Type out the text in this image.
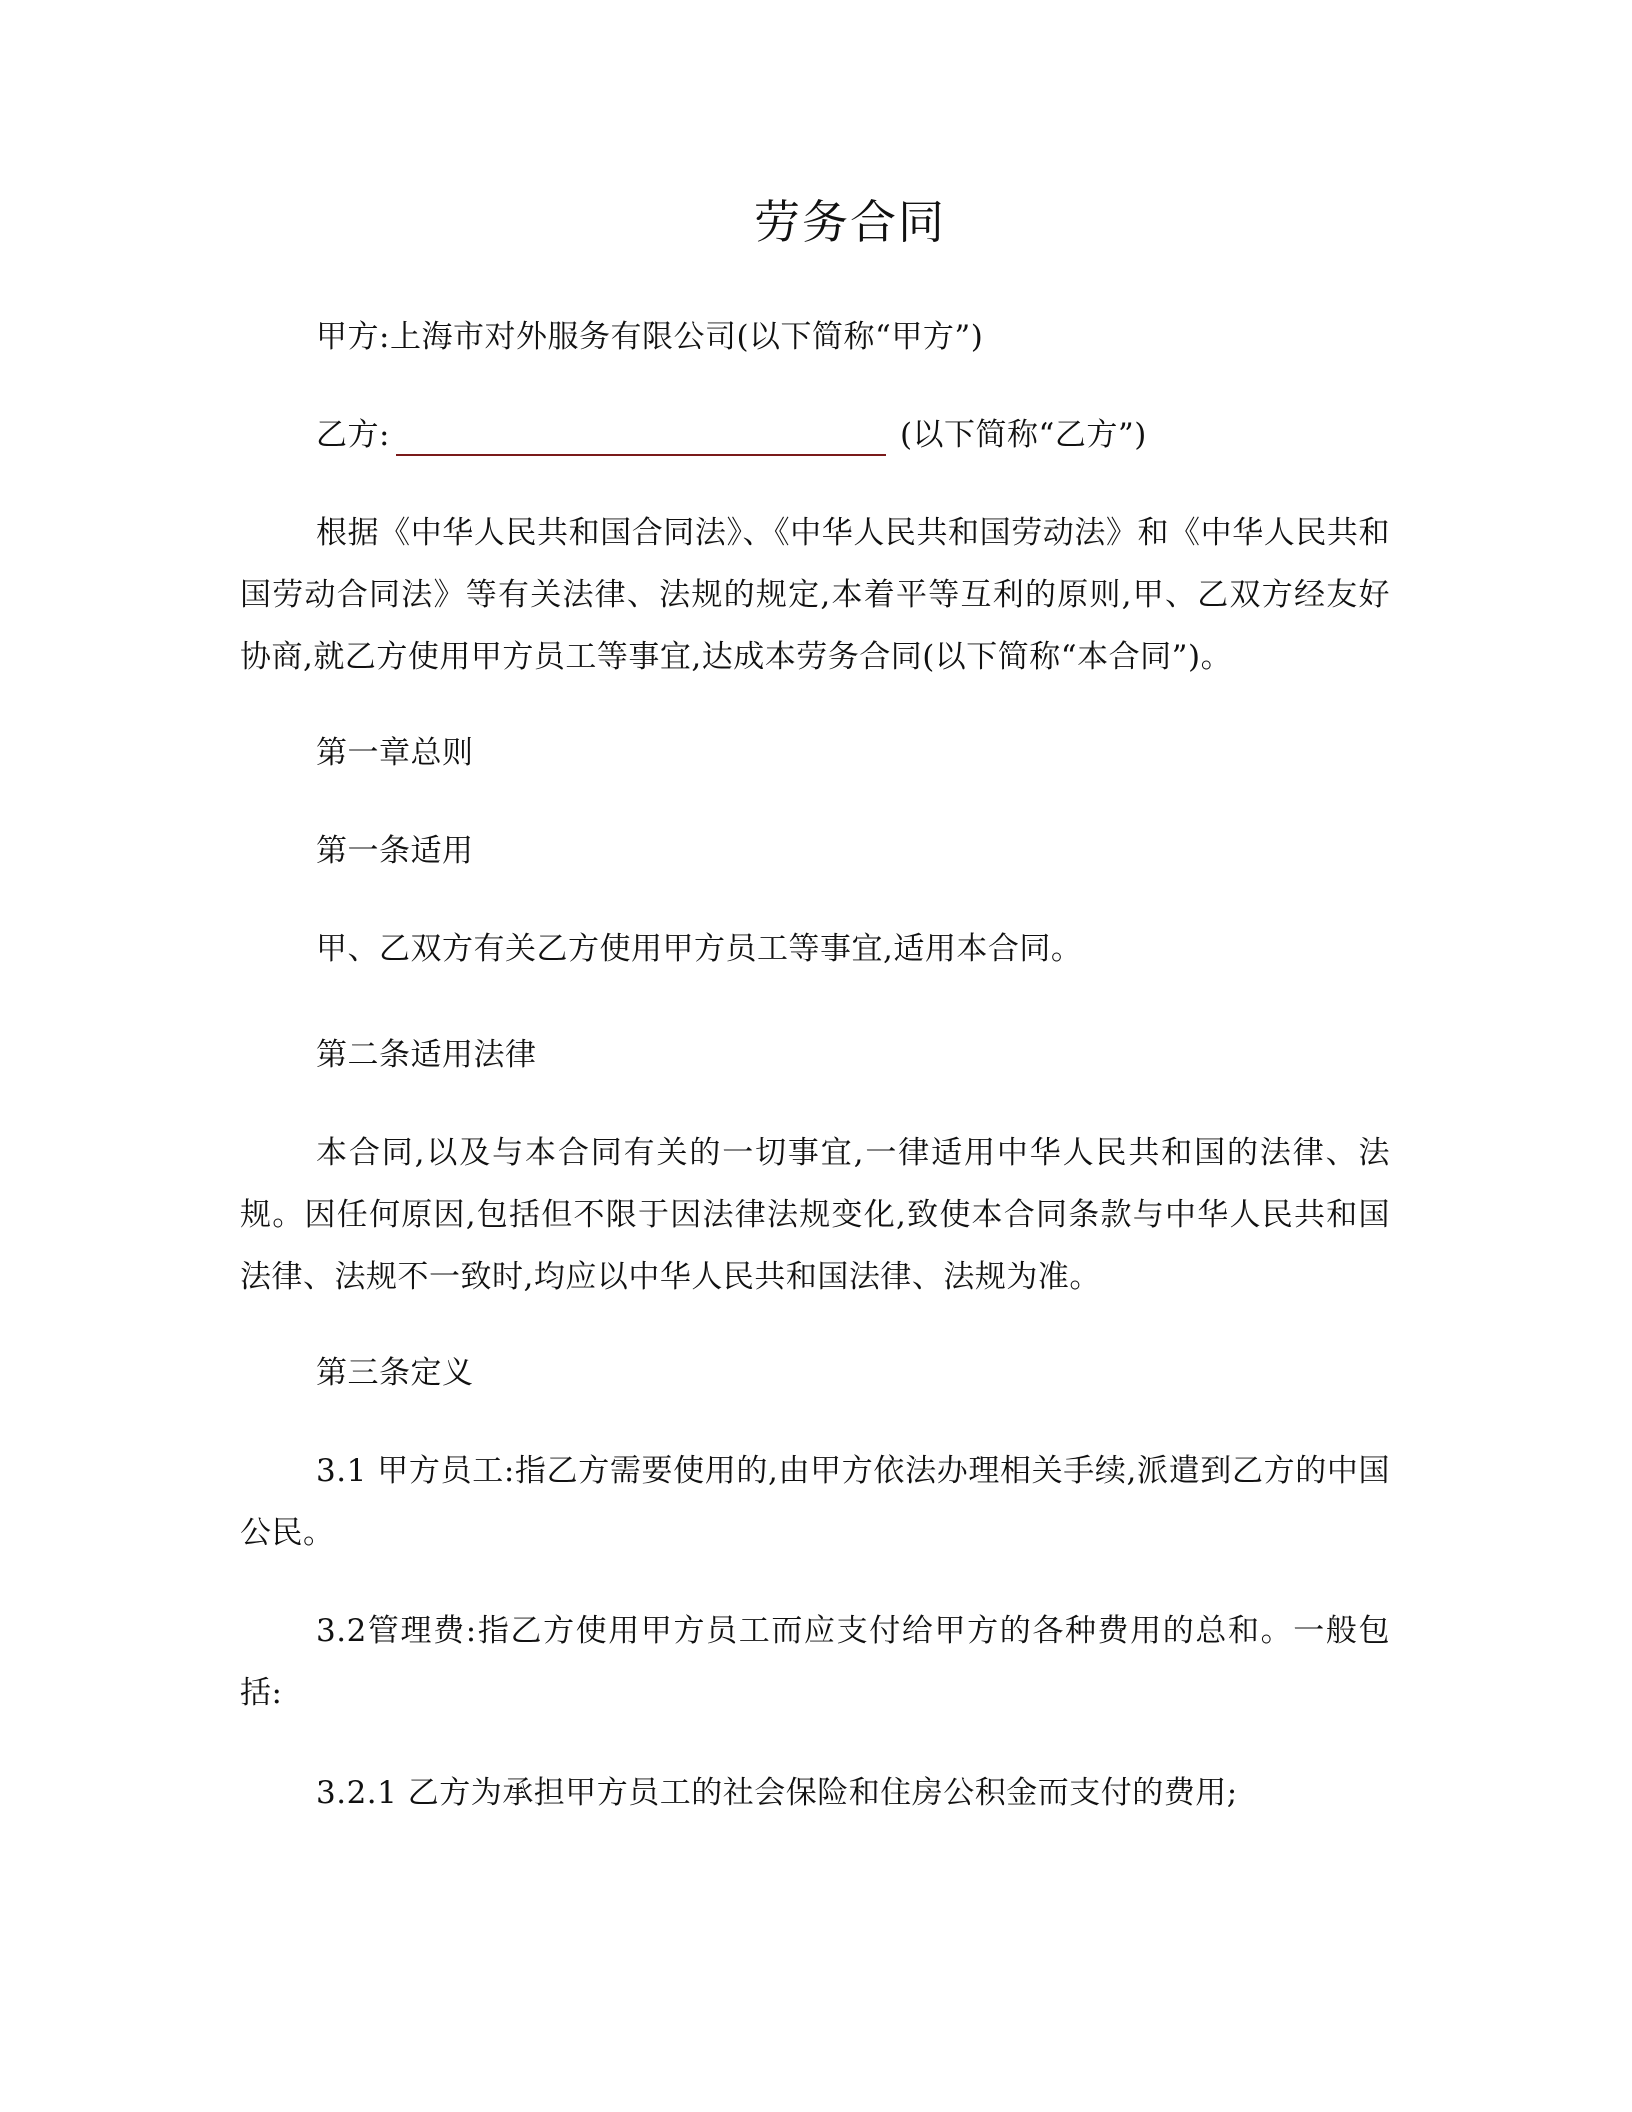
劳务合同
甲方:上海市对外服务有限公司(以下简称“甲方”)
乙方:	(以下简称“乙方”)
根据《中华人民共和国合同法》、《中华人民共和国劳动法》和《中华人民共和国劳动合同法》等有关法律、法规的规定,本着平等互利的原则,甲、乙双方经友好协商,就乙方使用甲方员工等事宜,达成本劳务合同(以下简称“本合同”)。
第一章总则
第一条适用
甲、乙双方有关乙方使用甲方员工等事宜,适用本合同。
第二条适用法律
本合同,以及与本合同有关的一切事宜,一律适用中华人民共和国的法律、法规。因任何原因,包括但不限于因法律法规变化,致使本合同条款与中华人民共和国法律、法规不一致时,均应以中华人民共和国法律、法规为准。
第三条定义
3.1 甲方员工:指乙方需要使用的,由甲方依法办理相关手续,派遣到乙方的中国公民。
3.2管理费:指乙方使用甲方员工而应支付给甲方的各种费用的总和。一般包括:
3.2.1 乙方为承担甲方员工的社会保险和住房公积金而支付的费用;
